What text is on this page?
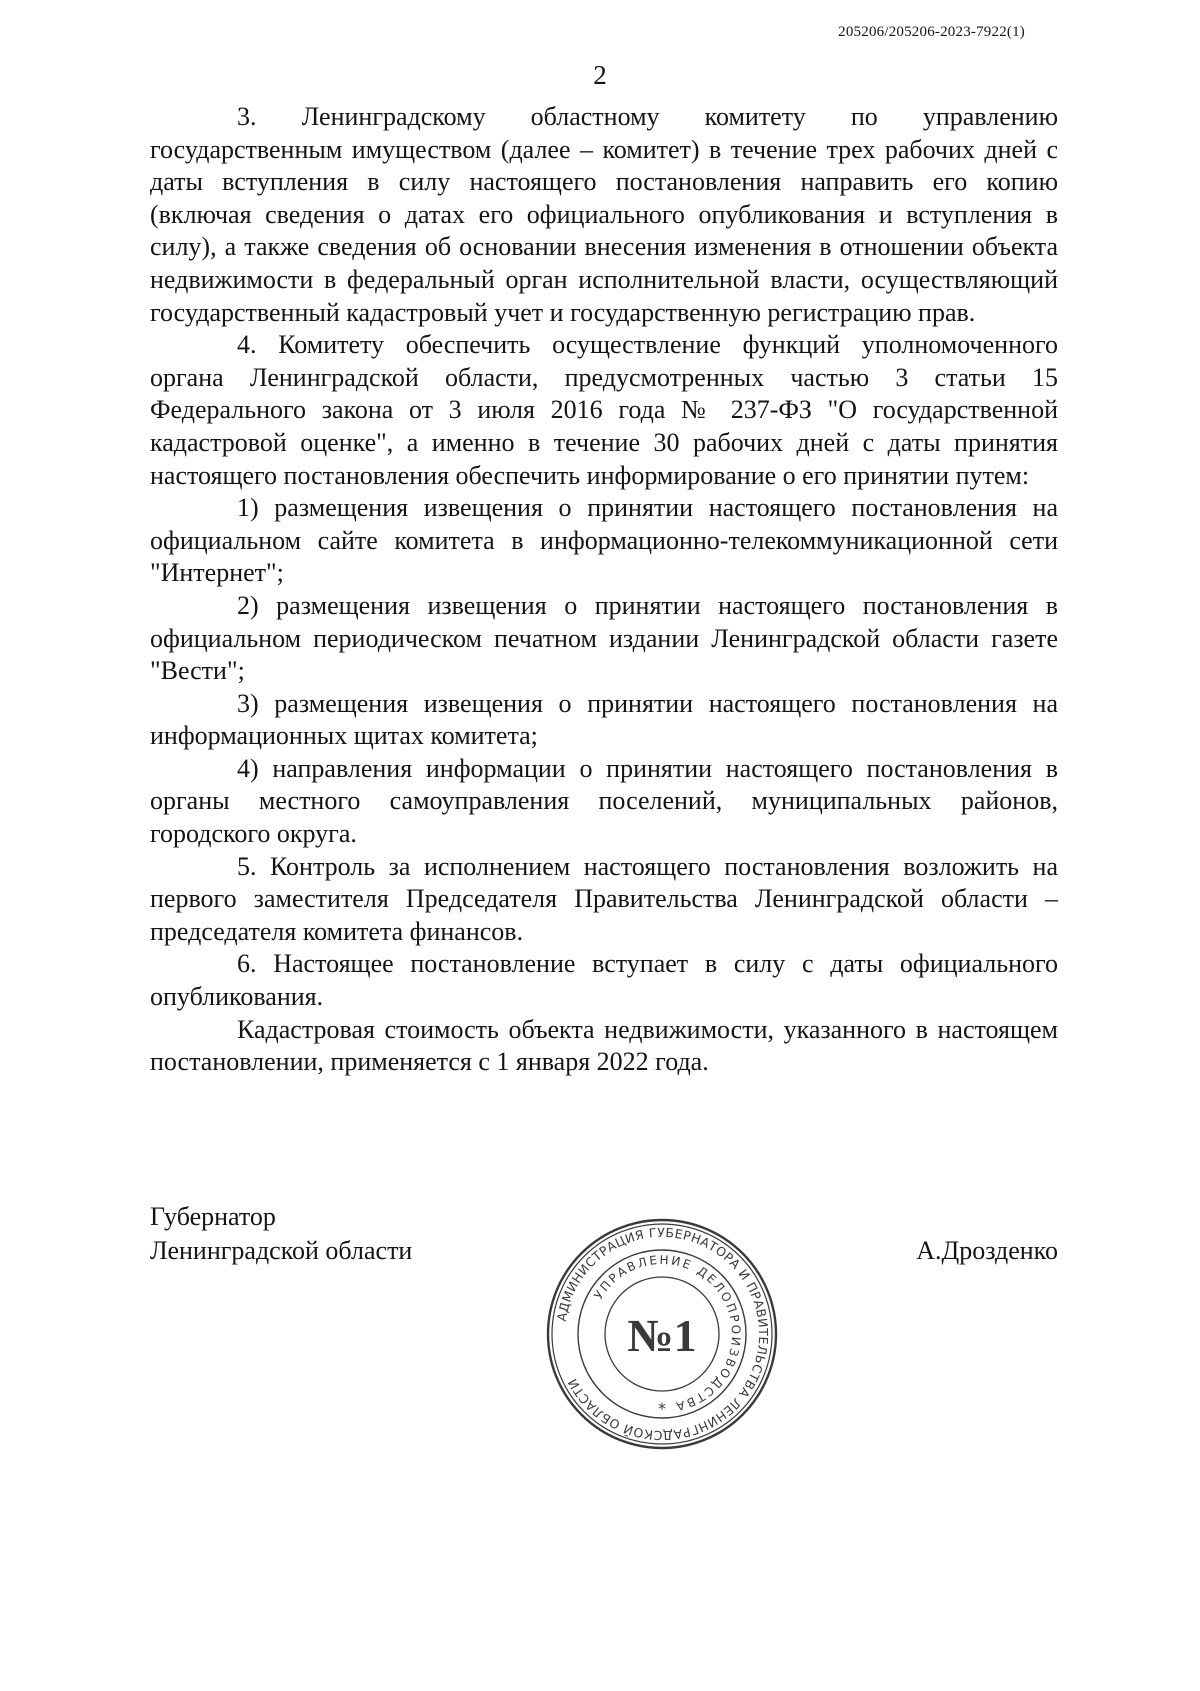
205206/205206-2023-7922(1)
2

3. Ленинградскому областному комитету по управлению государственным имуществом (далее – комитет) в течение трех рабочих дней с даты вступления в силу настоящего постановления направить его копию (включая сведения о датах его официального опубликования и вступления в силу), а также сведения об основании внесения изменения в отношении объекта недвижимости в федеральный орган исполнительной власти, осуществляющий государственный кадастровый учет и государственную регистрацию прав.

4. Комитету обеспечить осуществление функций уполномоченного органа Ленинградской области, предусмотренных частью 3 статьи 15 Федерального закона от 3 июля 2016 года № 237-ФЗ "О государственной кадастровой оценке", а именно в течение 30 рабочих дней с даты принятия настоящего постановления обеспечить информирование о его принятии путем:

1) размещения извещения о принятии настоящего постановления на официальном сайте комитета в информационно-телекоммуникационной сети "Интернет";

2) размещения извещения о принятии настоящего постановления в официальном периодическом печатном издании Ленинградской области газете "Вести";

3) размещения извещения о принятии настоящего постановления на информационных щитах комитета;

4) направления информации о принятии настоящего постановления в органы местного самоуправления поселений, муниципальных районов, городского округа.

5. Контроль за исполнением настоящего постановления возложить на первого заместителя Председателя Правительства Ленинградской области – председателя комитета финансов.

6. Настоящее постановление вступает в силу с даты официального опубликования.

Кадастровая стоимость объекта недвижимости, указанного в настоящем постановлении, применяется с 1 января 2022 года.

Губернатор
Ленинградской области	А.Дрозденко
АДМИНИСТРАЦИЯ ГУБЕРНАТОРА И ПРАВИТЕЛЬСТВА ЛЕНИНГРАДСКОЙ ОБЛАСТИ
УПРАВЛЕНИЕ ДЕЛОПРОИЗВОДСТВА
*
№1
